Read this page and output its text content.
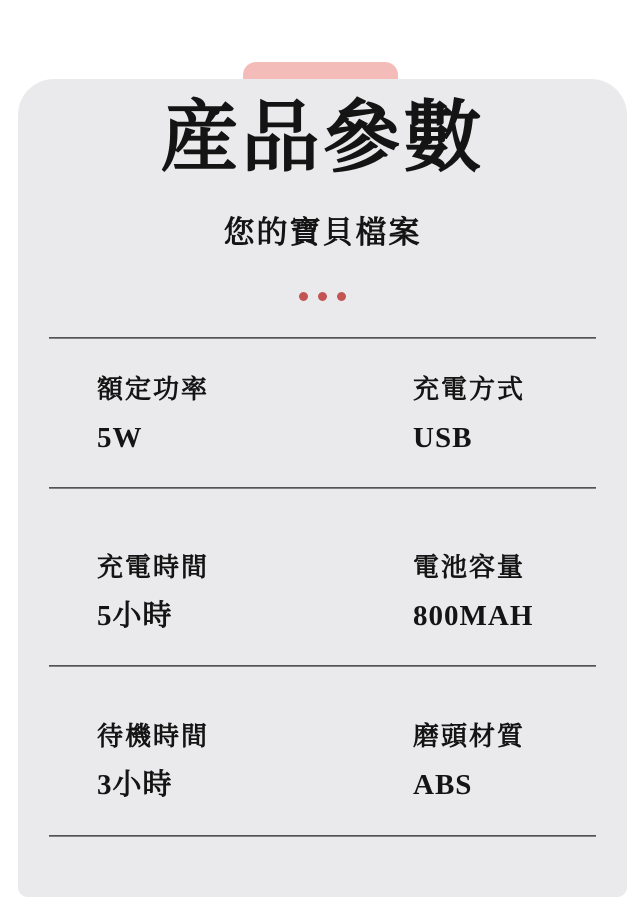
産品參數
您的寶貝檔案

額定功率
5W
充電方式
USB
充電時間
5小時
電池容量
800MAH
待機時間
3小時
磨頭材質
ABS
